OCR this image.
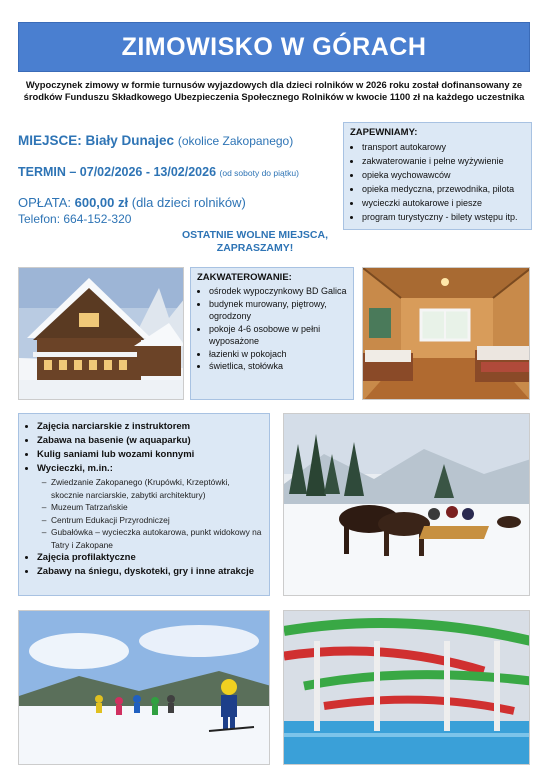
ZIMOWISKO W GÓRACH
Wypoczynek zimowy w formie turnusów wyjazdowych dla dzieci rolników w 2026 roku został dofinansowany ze środków Funduszu Składkowego Ubezpieczenia Społecznego Rolników w kwocie 1100 zł na każdego uczestnika
MIEJSCE: Biały Dunajec (okolice Zakopanego)
TERMIN – 07/02/2026 - 13/02/2026 (od soboty do piątku)
OPŁATA: 600,00 zł (dla dzieci rolników)
Telefon: 664-152-320
OSTATNIE WOLNE MIEJSCA,
ZAPRASZAMY!
ZAPEWNIAMY:
• transport autokarowy
• zakwaterowanie i pełne wyżywienie
• opieka wychowawców
• opieka medyczna, przewodnika, pilota
• wycieczki autokarowe i piesze
• program turystyczny - bilety wstępu itp.
ZAKWATEROWANIE:
• ośrodek wypoczynkowy BD Galica
• budynek murowany, piętrowy, ogrodzony
• pokoje 4-6 osobowe w pełni wyposażone
• łazienki w pokojach
• świetlica, stołówka
• Zajęcia narciarskie z instruktorem
• Zabawa na basenie (w aquaparku)
• Kulig saniami lub wozami konnymi
• Wycieczki, m.in.:
– Zwiedzanie Zakopanego (Krupówki, Krzeptówki, skocznie narciarskie, zabytki architektury)
– Muzeum Tatrzańskie
– Centrum Edukacji Przyrodniczej
– Gubałówka – wycieczka autokarowa, punkt widokowy na Tatry i Zakopane
• Zajęcia profilaktyczne
• Zabawy na śniegu, dyskoteki, gry i inne atrakcje
